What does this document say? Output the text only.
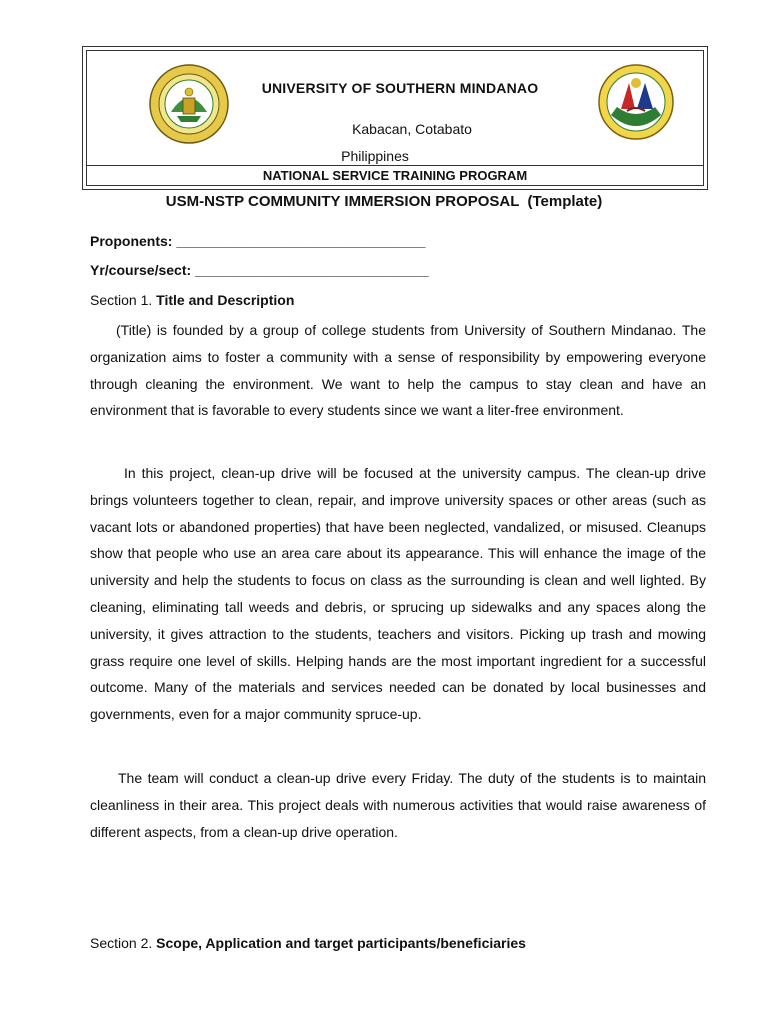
UNIVERSITY OF SOUTHERN MINDANAO
Kabacan, Cotabato
Philippines
NATIONAL SERVICE TRAINING PROGRAM
USM-NSTP COMMUNITY IMMERSION PROPOSAL  (Template)
Proponents: ________________________________
Yr/course/sect: ______________________________
Section 1. Title and Description
(Title) is founded by a group of college students from University of Southern Mindanao. The organization aims to foster a community with a sense of responsibility by empowering everyone through cleaning the environment. We want to help the campus to stay clean and have an environment that is favorable to every students since we want a liter-free environment.
In this project, clean-up drive will be focused at the university campus. The clean-up drive brings volunteers together to clean, repair, and improve university spaces or other areas (such as vacant lots or abandoned properties) that have been neglected, vandalized, or misused. Cleanups show that people who use an area care about its appearance. This will enhance the image of the university and help the students to focus on class as the surrounding is clean and well lighted. By cleaning, eliminating tall weeds and debris, or sprucing up sidewalks and any spaces along the university, it gives attraction to the students, teachers and visitors. Picking up trash and mowing grass require one level of skills. Helping hands are the most important ingredient for a successful outcome. Many of the materials and services needed can be donated by local businesses and governments, even for a major community spruce-up.
The team will conduct a clean-up drive every Friday. The duty of the students is to maintain cleanliness in their area. This project deals with numerous activities that would raise awareness of different aspects, from a clean-up drive operation.
Section 2. Scope, Application and target participants/beneficiaries
